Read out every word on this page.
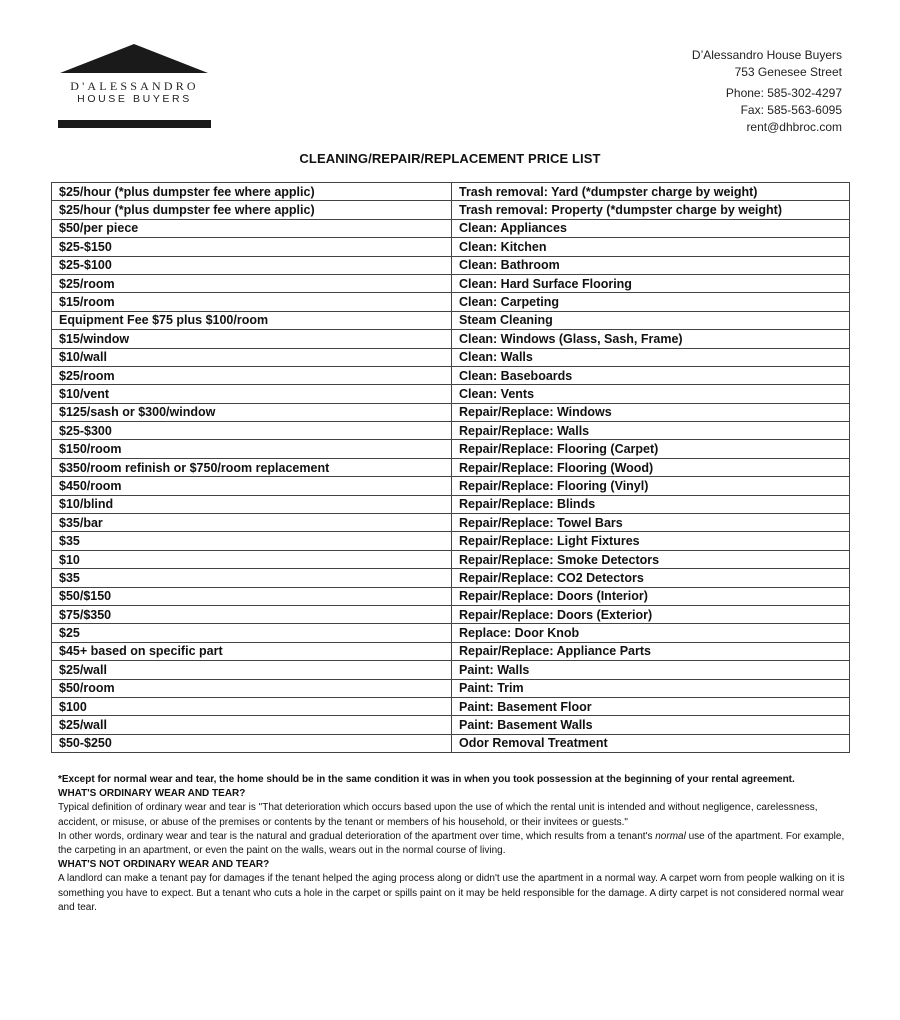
®
D'ALESSANDRO
HOUSE BUYERS
D’Alessandro House Buyers
753 Genesee Street
Phone: 585-302-4297
Fax: 585-563-6095
rent@dhbroc.com
CLEANING/REPAIR/REPLACEMENT PRICE LIST
$25/hour (*plus dumpster fee where applic)	Trash removal: Yard (*dumpster charge by weight)
$25/hour (*plus dumpster fee where applic)	Trash removal: Property (*dumpster charge by weight)
$50/per piece	Clean: Appliances
$25-$150	Clean: Kitchen
$25-$100	Clean: Bathroom
$25/room	Clean: Hard Surface Flooring
$15/room	Clean: Carpeting
Equipment Fee $75 plus $100/room	Steam Cleaning
$15/window	Clean: Windows (Glass, Sash, Frame)
$10/wall	Clean: Walls
$25/room	Clean: Baseboards
$10/vent	Clean: Vents
$125/sash or $300/window	Repair/Replace: Windows
$25-$300	Repair/Replace: Walls
$150/room	Repair/Replace: Flooring (Carpet)
$350/room refinish or $750/room replacement	Repair/Replace: Flooring (Wood)
$450/room	Repair/Replace: Flooring (Vinyl)
$10/blind	Repair/Replace: Blinds
$35/bar	Repair/Replace: Towel Bars
$35	Repair/Replace: Light Fixtures
$10	Repair/Replace: Smoke Detectors
$35	Repair/Replace: CO2 Detectors
$50/$150	Repair/Replace: Doors (Interior)
$75/$350	Repair/Replace: Doors (Exterior)
$25	Replace: Door Knob
$45+ based on specific part	Repair/Replace: Appliance Parts
$25/wall	Paint: Walls
$50/room	Paint: Trim
$100	Paint: Basement Floor
$25/wall	Paint: Basement Walls
$50-$250	Odor Removal Treatment
*Except for normal wear and tear, the home should be in the same condition it was in when you took possession at the beginning of your rental agreement.
WHAT'S ORDINARY WEAR AND TEAR?
Typical definition of ordinary wear and tear is "That deterioration which occurs based upon the use of which the rental unit is intended and without negligence, carelessness, accident, or misuse, or abuse of the premises or contents by the tenant or members of his household, or their invitees or guests."
In other words, ordinary wear and tear is the natural and gradual deterioration of the apartment over time, which results from a tenant's normal use of the apartment. For example, the carpeting in an apartment, or even the paint on the walls, wears out in the normal course of living.
WHAT'S NOT ORDINARY WEAR AND TEAR?
A landlord can make a tenant pay for damages if the tenant helped the aging process along or didn't use the apartment in a normal way. A carpet worn from people walking on it is something you have to expect. But a tenant who cuts a hole in the carpet or spills paint on it may be held responsible for the damage. A dirty carpet is not considered normal wear and tear.
